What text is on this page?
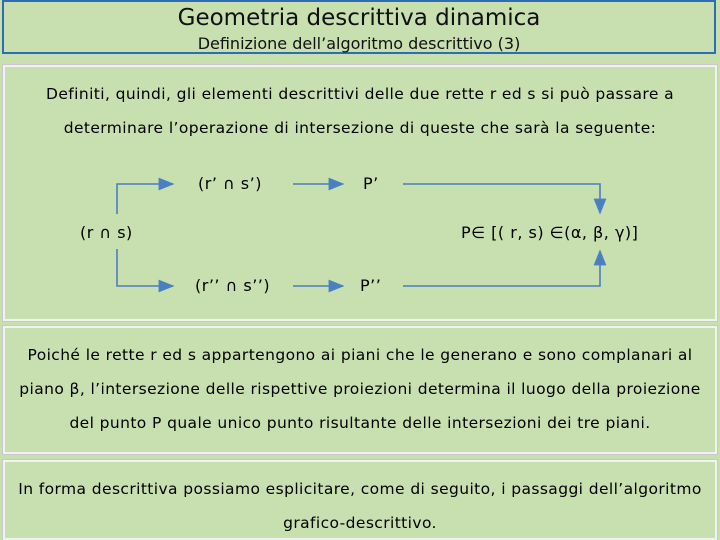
Geometria descrittiva dinamica
Definizione dell’algoritmo descrittivo (3)
Definiti, quindi, gli elementi descrittivi delle due rette r ed s si può passare a
determinare l’operazione di intersezione di queste che sarà la seguente:
(r ∩ s)
(r’ ∩ s’)
(r’’ ∩ s’’)
P’
P’’
P∈ [( r, s) ∈(α, β, γ)]
Poiché le rette r ed s appartengono ai piani che le generano e sono complanari al
piano β, l’intersezione delle rispettive proiezioni determina il luogo della proiezione
del punto P quale unico punto risultante delle intersezioni dei tre piani.
In forma descrittiva possiamo esplicitare, come di seguito, i passaggi dell’algoritmo
grafico-descrittivo.
